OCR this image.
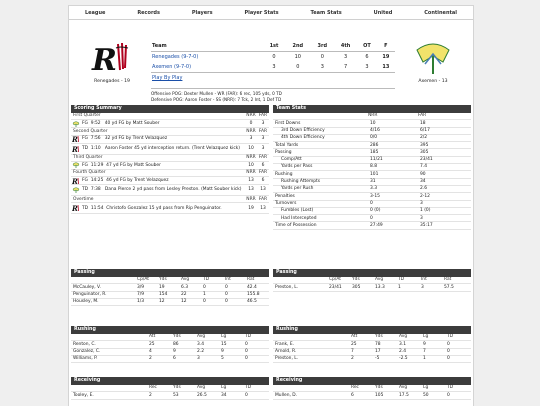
League	Records	Players	Player Stats	Team Stats	United	Continental
R
Renegades - 19
Team	1st	2nd	3rd	4th	OT	F
Renegades (9-7-0)	0	10	0	3	6	19
Axemen (9-7-0)	3	0	3	7	3	13
Play By Play						
Offensive POG: Dexter Mullen - WR (FAR): 6 rec, 105 yds, 0 TD
Defensive POG: Aaron Foster - SS (NRR): 7 Tck, 2 Int, 1 Def TD
Axemen - 13
Scoring Summary
First Quarter	NRR FAR
FG  9:52   40 yd FG by Matt Souber	0	3
Second Quarter	NRR FAR
R	FG  7:56   32 yd FG by Trent Velazquez	3	3
R	TD  1:10   Aaron Foster 45 yd interception return. (Trent Velazquez kick)	10	3
Third Quarter	NRR FAR
FG  11:29  47 yd FG by Matt Souber	10	6
Fourth Quarter	NRR FAR
R	FG  14:25  46 yd FG by Trent Velazquez	13	6
TD  7:38   Dana Pierce 2 yd pass from Lesley Preston. (Matt Souber kick)	13	13
Overtime	NRR FAR
R	TD  11:54  Christofo Gonzalez 15 yd pass from Rip Penguinator.	19	13
Team Stats
NRR	FAR
First Downs	10	18
3rd Down Efficiency	4/16	6/17
4th Down Efficiency	0/0	2/2
Total Yards	286	395
Passing	185	305
Comp/Att	11/21	23/41
Yards per Pass	8.8	7.4
Rushing	101	90
Rushing Attempts	31	34
Yards per Rush	3.3	2.6
Penalties	3-15	2-12
Turnovers	0	3
Fumbles (Lost)	0 (0)	1 (0)
Had Intercepted	0	3
Time of Possession	27:49	35:17
Passing
Cp/At	Yds	Avg	TD	Int	Rat
McCauley, V.	3/9	19	6.3	0	0	42.4
Penguinator, R.	7/9	154	22	1	0	155.8
Housley, M.	1/3	12	12	0	0	46.5
Passing
Cp/At	Yds	Avg	TD	Int	Rat
Preston, L.	23/41	305	13.3	1	3	57.5
Rushing
Att	Yds	Avg	Lg	TD
Renton, C.	25	86	3.4	15	0
Gonzalez, C.	4	9	2.2	9	0
Williams, P.	2	6	3	5	0
Rushing
Att	Yds	Avg	Lg	TD
Frank, E.	25	78	3.1	9	0
Arnold, R.	7	17	2.4	7	0
Preston, L.	2	-5	-2.5	1	0
Receiving
Rec	Yds	Avg	Lg	TD
Tooley, E.	2	53	26.5	34	0
Receiving
Rec	Yds	Avg	Lg	TD
Mullen, D.	6	105	17.5	50	0
